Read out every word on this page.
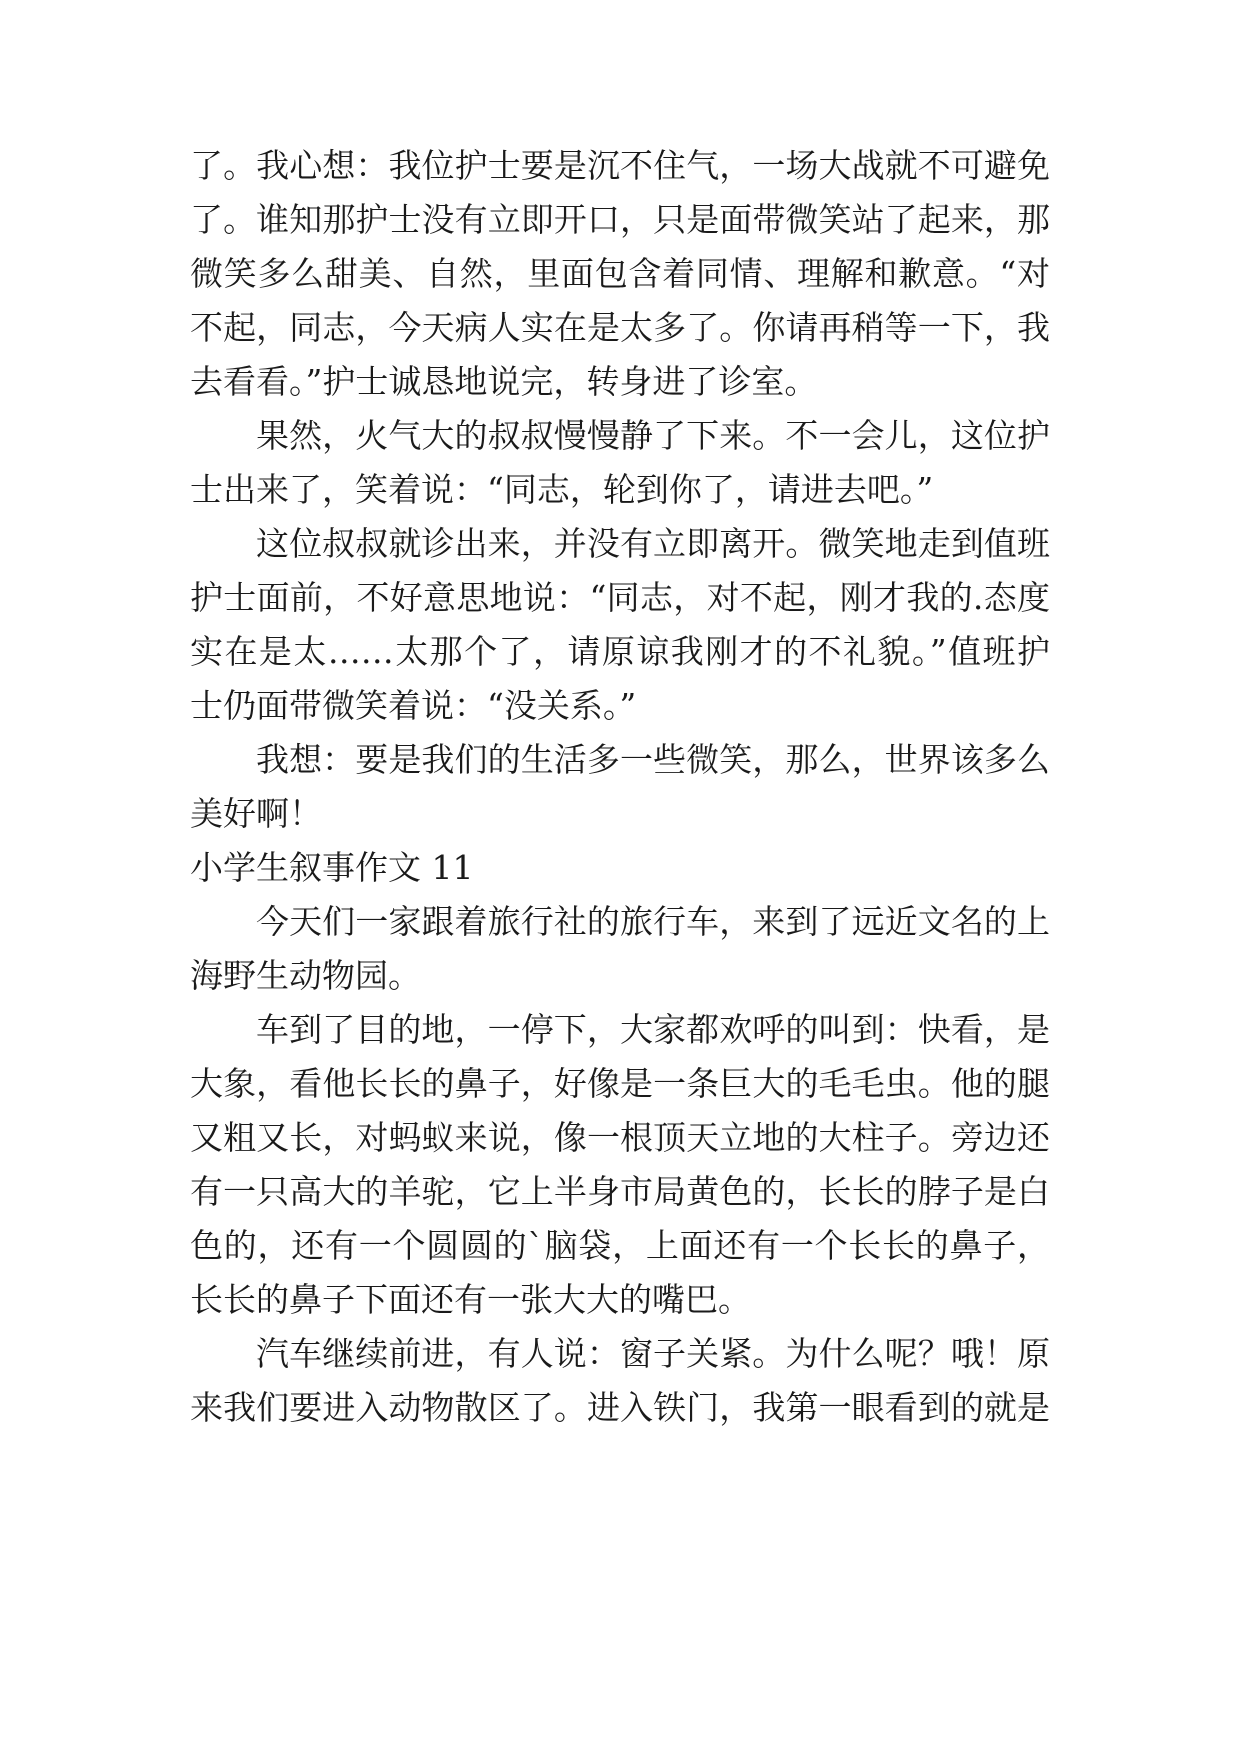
了。我心想：我位护士要是沉不住气，一场大战就不可避免
了。谁知那护士没有立即开口，只是面带微笑站了起来，那
微笑多么甜美、自然，里面包含着同情、理解和歉意。“对
不起，同志，今天病人实在是太多了。你请再稍等一下，我
去看看。”护士诚恳地说完，转身进了诊室。
果然，火气大的叔叔慢慢静了下来。不一会儿，这位护
士出来了，笑着说：“同志，轮到你了，请进去吧。”
这位叔叔就诊出来，并没有立即离开。微笑地走到值班
护士面前，不好意思地说：“同志，对不起，刚才我的.态度
实在是太……太那个了，请原谅我刚才的不礼貌。”值班护
士仍面带微笑着说：“没关系。”
我想：要是我们的生活多一些微笑，那么，世界该多么
美好啊！
小学生叙事作文 11
今天们一家跟着旅行社的旅行车，来到了远近文名的上
海野生动物园。
车到了目的地，一停下，大家都欢呼的叫到：快看，是
大象，看他长长的鼻子，好像是一条巨大的毛毛虫。他的腿
又粗又长，对蚂蚁来说，像一根顶天立地的大柱子。旁边还
有一只高大的羊驼，它上半身市局黄色的，长长的脖子是白
色的，还有一个圆圆的`脑袋，上面还有一个长长的鼻子，
长长的鼻子下面还有一张大大的嘴巴。
汽车继续前进，有人说：窗子关紧。为什么呢？哦！原
来我们要进入动物散区了。进入铁门，我第一眼看到的就是
